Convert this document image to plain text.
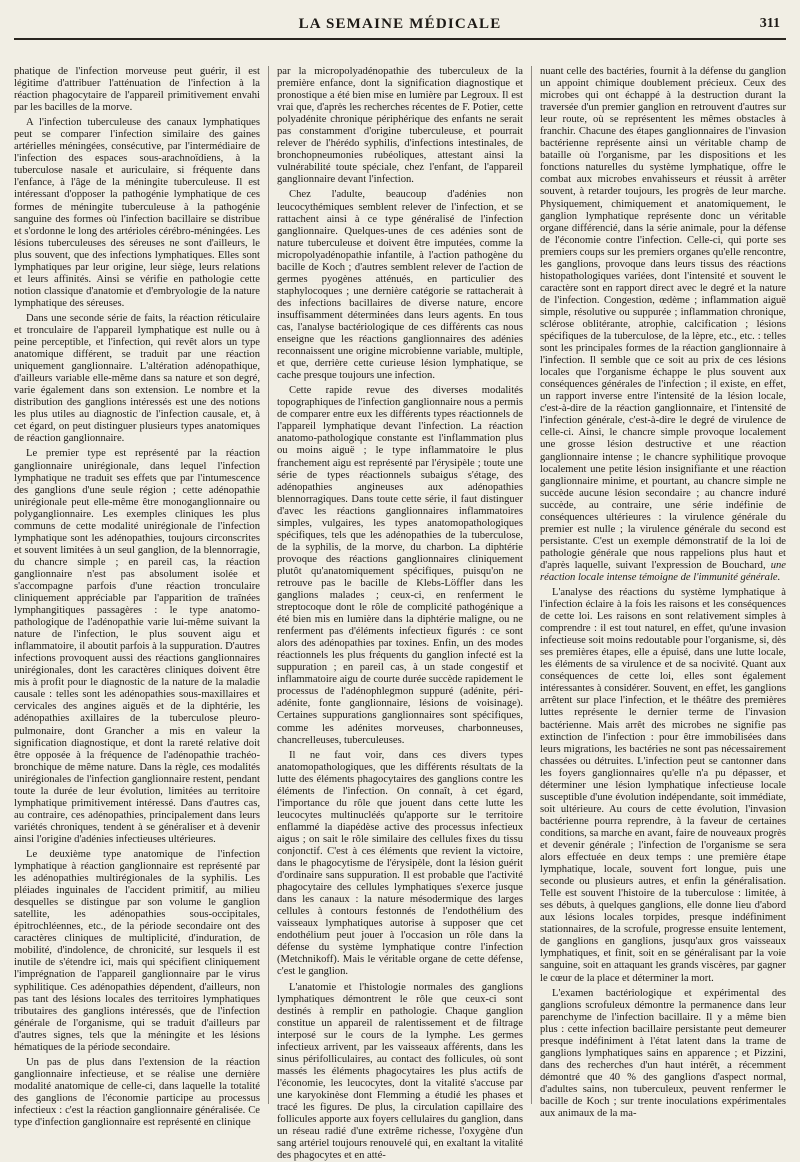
LA SEMAINE MÉDICALE	311

phatique de l'infection morveuse peut guérir, il est légitime d'attribuer l'atténuation de l'infection à la réaction phagocytaire de l'appareil primitivement envahi par les bacilles de la morve.

A l'infection tuberculeuse des canaux lymphatiques peut se comparer l'infection similaire des gaines artérielles méningées, consécutive, par l'intermédiaire de l'infection des espaces sous-arachnoïdiens, à la tuberculose nasale et auriculaire, si fréquente dans l'enfance, à l'âge de la méningite tuberculeuse. Il est intéressant d'opposer la pathogénie lymphatique de ces formes de méningite tuberculeuse à la pathogénie sanguine des formes où l'infection bacillaire se distribue et s'ordonne le long des artérioles cérébro-méningées. Les lésions tuberculeuses des séreuses ne sont d'ailleurs, le plus souvent, que des infections lymphatiques. Elles sont lymphatiques par leur origine, leur siège, leurs relations et leurs affinités. Ainsi se vérifie en pathologie cette notion classique d'anatomie et d'embryologie de la nature lymphatique des séreuses.

Dans une seconde série de faits, la réaction réticulaire et tronculaire de l'appareil lymphatique est nulle ou à peine perceptible, et l'infection, qui revêt alors un type anatomique différent, se traduit par une réaction uniquement ganglionnaire. L'altération adénopathique, d'ailleurs variable elle-même dans sa nature et son degré, varie également dans son extension. Le nombre et la distribution des ganglions intéressés est une des notions les plus utiles au diagnostic de l'infection causale, et, à cet égard, on peut distinguer plusieurs types anatomiques de réaction ganglionnaire.

Le premier type est représenté par la réaction ganglionnaire unirégionale, dans lequel l'infection lymphatique ne traduit ses effets que par l'intumescence des ganglions d'une seule région ; cette adénopathie unirégionale peut elle-même être monoganglionnaire ou polyganglionnaire. Les exemples cliniques les plus communs de cette modalité unirégionale de l'infection lymphatique sont les adénopathies, toujours circonscrites et souvent limitées à un seul ganglion, de la blennorragie, du chancre simple ; en pareil cas, la réaction ganglionnaire n'est pas absolument isolée et s'accompagne parfois d'une réaction tronculaire cliniquement appréciable par l'apparition de traînées lymphangitiques passagères : le type anatomo-pathologique de l'adénopathie varie lui-même suivant la nature de l'infection, le plus souvent aigu et inflammatoire, il aboutit parfois à la suppuration. D'autres infections provoquent aussi des réactions ganglionnaires unirégionales, dont les caractères cliniques doivent être mis à profit pour le diagnostic de la nature de la maladie causale : telles sont les adénopathies sous-maxillaires et cervicales des angines aiguës et de la diphtérie, les adénopathies axillaires de la tuberculose pleuro-pulmonaire, dont Grancher a mis en valeur la signification diagnostique, et dont la rareté relative doit être opposée à la fréquence de l'adénopathie trachéo-bronchique de même nature. Dans la règle, ces modalités unirégionales de l'infection ganglionnaire restent, pendant toute la durée de leur évolution, limitées au territoire lymphatique primitivement intéressé. Dans d'autres cas, au contraire, ces adénopathies, principalement dans leurs variétés chroniques, tendent à se généraliser et à devenir ainsi l'origine d'adénies infectieuses ultérieures.

Le deuxième type anatomique de l'infection lymphatique à réaction ganglionnaire est représenté par les adénopathies multirégionales de la syphilis. Les pléiades inguinales de l'accident primitif, au milieu desquelles se distingue par son volume le ganglion satellite, les adénopathies sous-occipitales, épitrochléennes, etc., de la période secondaire ont des caractères cliniques de multiplicité, d'induration, de mobilité, d'indolence, de chronicité, sur lesquels il est inutile de s'étendre ici, mais qui spécifient cliniquement l'imprégnation de l'appareil ganglionnaire par le virus syphilitique. Ces adénopathies dépendent, d'ailleurs, non pas tant des lésions locales des territoires lymphatiques tributaires des ganglions intéressés, que de l'infection générale de l'organisme, qui se traduit d'ailleurs par d'autres signes, tels que la méningite et les lésions hématiques de la période secondaire.

Un pas de plus dans l'extension de la réaction ganglionnaire infectieuse, et se réalise une dernière modalité anatomique de celle-ci, dans laquelle la totalité des ganglions de l'économie participe au processus infectieux : c'est la réaction ganglionnaire généralisée. Ce type d'infection ganglionnaire est représenté en clinique

par la micropolyadénopathie des tuberculeux de la première enfance, dont la signification diagnostique et pronostique a été bien mise en lumière par Legroux. Il est vrai que, d'après les recherches récentes de F. Potier, cette polyadénite chronique périphérique des enfants ne serait pas constamment d'origine tuberculeuse, et pourrait relever de l'hérédo syphilis, d'infections intestinales, de bronchopneumonies rubéoliques, attestant ainsi la vulnérabilité toute spéciale, chez l'enfant, de l'appareil ganglionnaire devant l'infection.

Chez l'adulte, beaucoup d'adénies non leucocythémiques semblent relever de l'infection, et se rattachent ainsi à ce type généralisé de l'infection ganglionnaire. Quelques-unes de ces adénies sont de nature tuberculeuse et doivent être imputées, comme la micropolyadénopathie infantile, à l'action pathogène du bacille de Koch ; d'autres semblent relever de l'action de germes pyogènes atténués, en particulier des staphylocoques ; une dernière catégorie se rattacherait à des infections bacillaires de diverse nature, encore insuffisamment déterminées dans leurs agents. En tous cas, l'analyse bactériologique de ces différents cas nous enseigne que les réactions ganglionnaires des adénies reconnaissent une origine microbienne variable, multiple, et que, derrière cette curieuse lésion lymphatique, se cache presque toujours une infection.

Cette rapide revue des diverses modalités topographiques de l'infection ganglionnaire nous a permis de comparer entre eux les différents types réactionnels de l'appareil lymphatique devant l'infection. La réaction anatomo-pathologique constante est l'inflammation plus ou moins aiguë ; le type inflammatoire le plus franchement aigu est représenté par l'érysipèle ; toute une série de types réactionnels subaigus s'étage, des adénopathies angineuses aux adénopathies blennorragiques. Dans toute cette série, il faut distinguer d'avec les réactions ganglionnaires inflammatoires simples, vulgaires, les types anatomopathologiques spécifiques, tels que les adénopathies de la tuberculose, de la syphilis, de la morve, du charbon. La diphtérie provoque des réactions ganglionnaires cliniquement plutôt qu'anatomiquement spécifiques, puisqu'on ne retrouve pas le bacille de Klebs-Löffler dans les ganglions malades ; ceux-ci, en renferment le streptocoque dont le rôle de complicité pathogénique a été bien mis en lumière dans la diphtérie maligne, ou ne renferment pas d'éléments infectieux figurés : ce sont alors des adénopathies par toxines. Enfin, un des modes réactionnels les plus fréquents du ganglion infecté est la suppuration ; en pareil cas, à un stade congestif et inflammatoire aigu de courte durée succède rapidement le processus de l'adénophlegmon suppuré (adénite, péri-adénite, fonte ganglionnaire, lésions de voisinage). Certaines suppurations ganglionnaires sont spécifiques, comme les adénites morveuses, charbonneuses, chancrelleuses, tuberculeuses.

Il ne faut voir, dans ces divers types anatomopathologiques, que les différents résultats de la lutte des éléments phagocytaires des ganglions contre les éléments de l'infection. On connaît, à cet égard, l'importance du rôle que jouent dans cette lutte les leucocytes multinucléés qu'apporte sur le territoire enflammé la diapédèse active des processus infectieux aigus ; on sait le rôle similaire des cellules fixes du tissu conjonctif. C'est à ces éléments que revient la victoire, dans le phagocytisme de l'érysipèle, dont la lésion guérit d'ordinaire sans suppuration. Il est probable que l'activité phagocytaire des cellules lymphatiques s'exerce jusque dans les canaux : la nature mésodermique des larges cellules à contours festonnés de l'endothélium des vaisseaux lymphatiques autorise à supposer que cet endothélium peut jouer à l'occasion un rôle dans la défense du système lymphatique contre l'infection (Metchnikoff). Mais le véritable organe de cette défense, c'est le ganglion.

L'anatomie et l'histologie normales des ganglions lymphatiques démontrent le rôle que ceux-ci sont destinés à remplir en pathologie. Chaque ganglion constitue un appareil de ralentissement et de filtrage interposé sur le cours de la lymphe. Les germes infectieux arrivent, par les vaisseaux afférents, dans les sinus périfolliculaires, au contact des follicules, où sont massés les éléments phagocytaires les plus actifs de l'économie, les leucocytes, dont la vitalité s'accuse par une karyokinèse dont Flemming a étudié les phases et tracé les figures. De plus, la circulation capillaire des follicules apporte aux foyers cellulaires du ganglion, dans un réseau radié d'une extrême richesse, l'oxygène d'un sang artériel toujours renouvelé qui, en exaltant la vitalité des phagocytes et en atté-

nuant celle des bactéries, fournit à la défense du ganglion un appoint chimique doublement précieux. Ceux des microbes qui ont échappé à la destruction durant la traversée d'un premier ganglion en retrouvent d'autres sur leur route, où se représentent les mêmes obstacles à franchir. Chacune des étapes ganglionnaires de l'invasion bactérienne représente ainsi un véritable champ de bataille où l'organisme, par les dispositions et les fonctions naturelles du système lymphatique, offre le combat aux microbes envahisseurs et réussit à arrêter souvent, à retarder toujours, les progrès de leur marche. Physiquement, chimiquement et anatomiquement, le ganglion lymphatique représente donc un véritable organe différencié, dans la série animale, pour la défense de l'économie contre l'infection. Celle-ci, qui porte ses premiers coups sur les premiers organes qu'elle rencontre, les ganglions, provoque dans leurs tissus des réactions histopathologiques variées, dont l'intensité et souvent le caractère sont en rapport direct avec le degré et la nature de l'infection. Congestion, œdème ; inflammation aiguë simple, résolutive ou suppurée ; inflammation chronique, sclérose oblitérante, atrophie, calcification ; lésions spécifiques de la tuberculose, de la lèpre, etc., etc. : telles sont les principales formes de la réaction ganglionnaire à l'infection. Il semble que ce soit au prix de ces lésions locales que l'organisme échappe le plus souvent aux conséquences générales de l'infection ; il existe, en effet, un rapport inverse entre l'intensité de la lésion locale, c'est-à-dire de la réaction ganglionnaire, et l'intensité de l'infection générale, c'est-à-dire le degré de virulence de celle-ci. Ainsi, le chancre simple provoque localement une grosse lésion destructive et une réaction ganglionnaire intense ; le chancre syphilitique provoque localement une petite lésion insignifiante et une réaction ganglionnaire minime, et pourtant, au chancre simple ne succède aucune lésion secondaire ; au chancre induré succède, au contraire, une série indéfinie de conséquences ultérieures : la virulence générale du premier est nulle ; la virulence générale du second est persistante. C'est un exemple démonstratif de la loi de pathologie générale que nous rappelions plus haut et d'après laquelle, suivant l'expression de Bouchard, une réaction locale intense témoigne de l'immunité générale.

L'analyse des réactions du système lymphatique à l'infection éclaire à la fois les raisons et les conséquences de cette loi. Les raisons en sont relativement simples à comprendre : il est tout naturel, en effet, qu'une invasion infectieuse soit moins redoutable pour l'organisme, si, dès ses premières étapes, elle a épuisé, dans une lutte locale, les éléments de sa virulence et de sa nocivité. Quant aux conséquences de cette loi, elles sont également intéressantes à considérer. Souvent, en effet, les ganglions arrêtent sur place l'infection, et le théâtre des premières luttes représente le dernier terme de l'invasion bactérienne. Mais arrêt des microbes ne signifie pas extinction de l'infection : pour être immobilisées dans leurs migrations, les bactéries ne sont pas nécessairement chassées ou détruites. L'infection peut se cantonner dans les foyers ganglionnaires qu'elle n'a pu dépasser, et déterminer une lésion lymphatique infectieuse locale susceptible d'une évolution indépendante, soit immédiate, soit ultérieure. Au cours de cette évolution, l'invasion bactérienne pourra reprendre, à la faveur de certaines conditions, sa marche en avant, faire de nouveaux progrès et devenir générale ; l'infection de l'organisme se sera alors effectuée en deux temps : une première étape lymphatique, locale, souvent fort longue, puis une seconde ou plusieurs autres, et enfin la généralisation. Telle est souvent l'histoire de la tuberculose : limitée, à ses débuts, à quelques ganglions, elle donne lieu d'abord aux lésions locales torpides, presque indéfiniment stationnaires, de la scrofule, progresse ensuite lentement, de ganglions en ganglions, jusqu'aux gros vaisseaux lymphatiques, et finit, soit en se généralisant par la voie sanguine, soit en attaquant les grands viscères, par gagner le cœur de la place et déterminer la mort.

L'examen bactériologique et expérimental des ganglions scrofuleux démontre la permanence dans leur parenchyme de l'infection bacillaire. Il y a même bien plus : cette infection bacillaire persistante peut demeurer presque indéfiniment à l'état latent dans la trame de ganglions lymphatiques sains en apparence ; et Pizzini, dans des recherches d'un haut intérêt, a récemment démontré que 40 % des ganglions d'aspect normal, d'adultes sains, non tuberculeux, peuvent renfermer le bacille de Koch ; sur trente inoculations expérimentales aux animaux de la ma-
